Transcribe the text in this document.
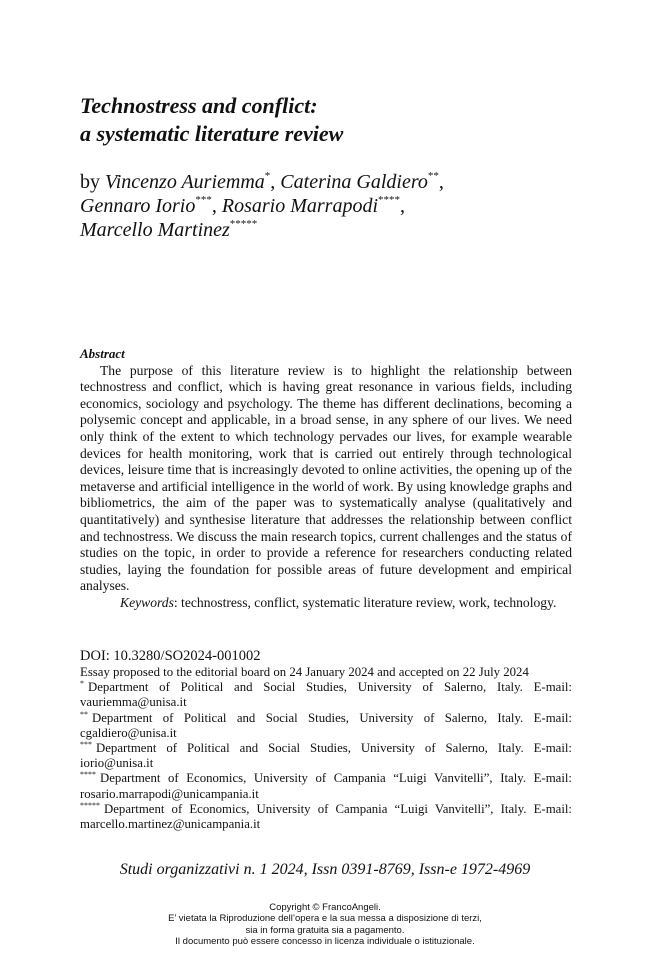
Technostress and conflict:
a systematic literature review
by Vincenzo Auriemma*, Caterina Galdiero**,
Gennaro Iorio***, Rosario Marrapodi****,
Marcello Martinez*****
Abstract

The purpose of this literature review is to highlight the relationship between technostress and conflict, which is having great resonance in various fields, including economics, sociology and psychology. The theme has different declinations, becoming a polysemic concept and applicable, in a broad sense, in any sphere of our lives. We need only think of the extent to which technology pervades our lives, for example wearable devices for health monitoring, work that is carried out entirely through technological devices, leisure time that is increasingly devoted to online activities, the opening up of the metaverse and artificial intelligence in the world of work. By using knowledge graphs and bibliometrics, the aim of the paper was to systematically analyse (qualitatively and quantitatively) and synthesise literature that addresses the relationship between conflict and technostress. We discuss the main research topics, current challenges and the status of studies on the topic, in order to provide a reference for researchers conducting related studies, laying the foundation for possible areas of future development and empirical analyses.

Keywords: technostress, conflict, systematic literature review, work, technology.

DOI: 10.3280/SO2024-001002
Essay proposed to the editorial board on 24 January 2024 and accepted on 22 July 2024
* Department of Political and Social Studies, University of Salerno, Italy. E-mail: vauriemma@unisa.it
** Department of Political and Social Studies, University of Salerno, Italy. E-mail: cgaldiero@unisa.it
*** Department of Political and Social Studies, University of Salerno, Italy. E-mail: iorio@unisa.it
**** Department of Economics, University of Campania “Luigi Vanvitelli”, Italy. E-mail: rosario.marrapodi@unicampania.it
***** Department of Economics, University of Campania “Luigi Vanvitelli”, Italy. E-mail: marcello.martinez@unicampania.it
Studi organizzativi n. 1 2024, Issn 0391-8769, Issn-e 1972-4969
Copyright © FrancoAngeli.
E’ vietata la Riproduzione dell’opera e la sua messa a disposizione di terzi,
sia in forma gratuita sia a pagamento.
Il documento può essere concesso in licenza individuale o istituzionale.
